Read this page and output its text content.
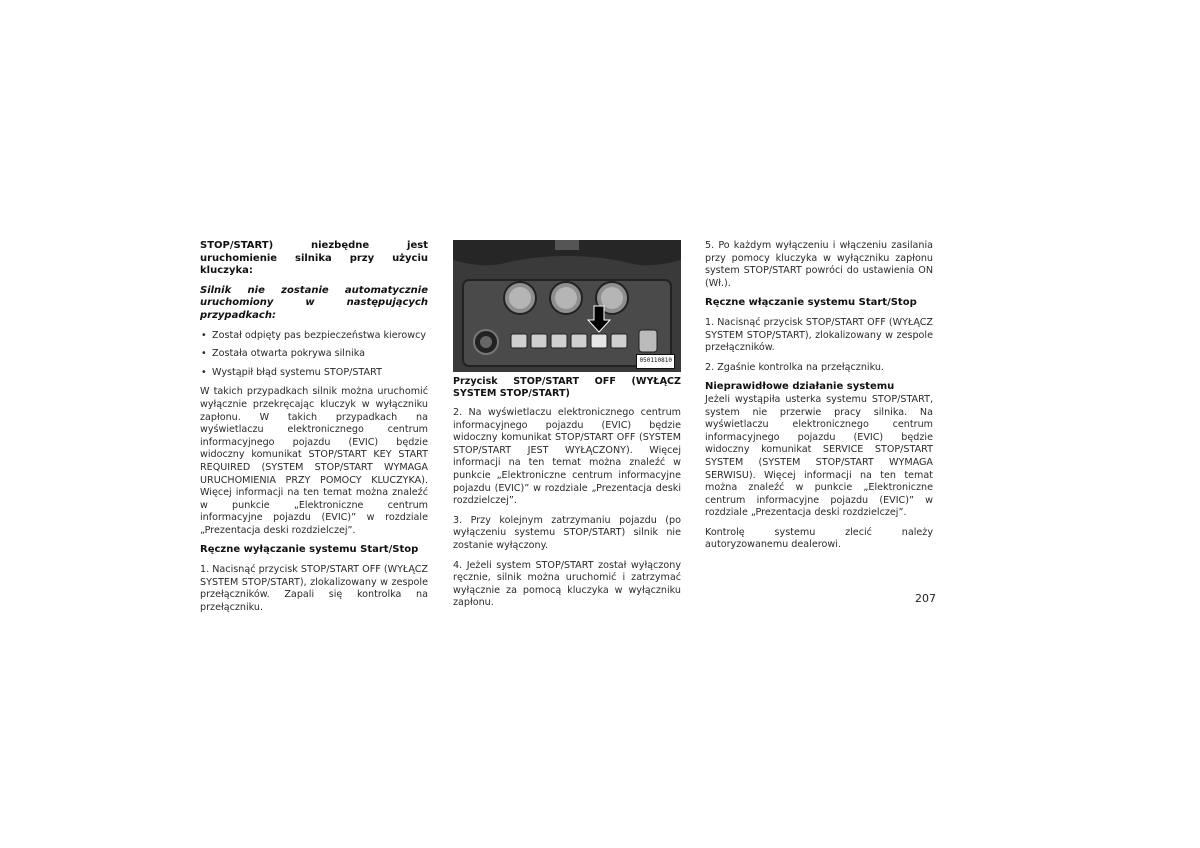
STOP/START) niezbędne jest uruchomienie silnika przy użyciu kluczyka:

Silnik nie zostanie automatycznie uruchomiony w następujących przypadkach:

• Został odpięty pas bezpieczeństwa kierowcy
• Została otwarta pokrywa silnika
• Wystąpił błąd systemu STOP/START

W takich przypadkach silnik można uruchomić wyłącznie przekręcając kluczyk w wyłączniku zapłonu. W takich przypadkach na wyświetlaczu elektronicznego centrum informacyjnego pojazdu (EVIC) będzie widoczny komunikat STOP/START KEY START REQUIRED (SYSTEM STOP/START WYMAGA URUCHOMIENIA PRZY POMOCY KLUCZYKA). Więcej informacji na ten temat można znaleźć w punkcie „Elektroniczne centrum informacyjne pojazdu (EVIC)” w rozdziale „Prezentacja deski rozdzielczej”.

Ręczne wyłączanie systemu Start/Stop

1. Nacisnąć przycisk STOP/START OFF (WYŁĄCZ SYSTEM STOP/START), zlokalizowany w zespole przełączników. Zapali się kontrolka na przełączniku.

050110810

Przycisk STOP/START OFF (WYŁĄCZ SYSTEM STOP/START)

2. Na wyświetlaczu elektronicznego centrum informacyjnego pojazdu (EVIC) będzie widoczny komunikat STOP/START OFF (SYSTEM STOP/START JEST WYŁĄCZONY). Więcej informacji na ten temat można znaleźć w punkcie „Elektroniczne centrum informacyjne pojazdu (EVIC)” w rozdziale „Prezentacja deski rozdzielczej”.

3. Przy kolejnym zatrzymaniu pojazdu (po wyłączeniu systemu STOP/START) silnik nie zostanie wyłączony.

4. Jeżeli system STOP/START został wyłączony ręcznie, silnik można uruchomić i zatrzymać wyłącznie za pomocą kluczyka w wyłączniku zapłonu.

5. Po każdym wyłączeniu i włączeniu zasilania przy pomocy kluczyka w wyłączniku zapłonu system STOP/START powróci do ustawienia ON (Wł.).

Ręczne włączanie systemu Start/Stop

1. Nacisnąć przycisk STOP/START OFF (WYŁĄCZ SYSTEM STOP/START), zlokalizowany w zespole przełączników.

2. Zgaśnie kontrolka na przełączniku.

Nieprawidłowe działanie systemu

Jeżeli wystąpiła usterka systemu STOP/START, system nie przerwie pracy silnika. Na wyświetlaczu elektronicznego centrum informacyjnego pojazdu (EVIC) będzie widoczny komunikat SERVICE STOP/START SYSTEM (SYSTEM STOP/START WYMAGA SERWISU). Więcej informacji na ten temat można znaleźć w punkcie „Elektroniczne centrum informacyjne pojazdu (EVIC)” w rozdziale „Prezentacja deski rozdzielczej”.

Kontrolę systemu zlecić należy autoryzowanemu dealerowi.

207
